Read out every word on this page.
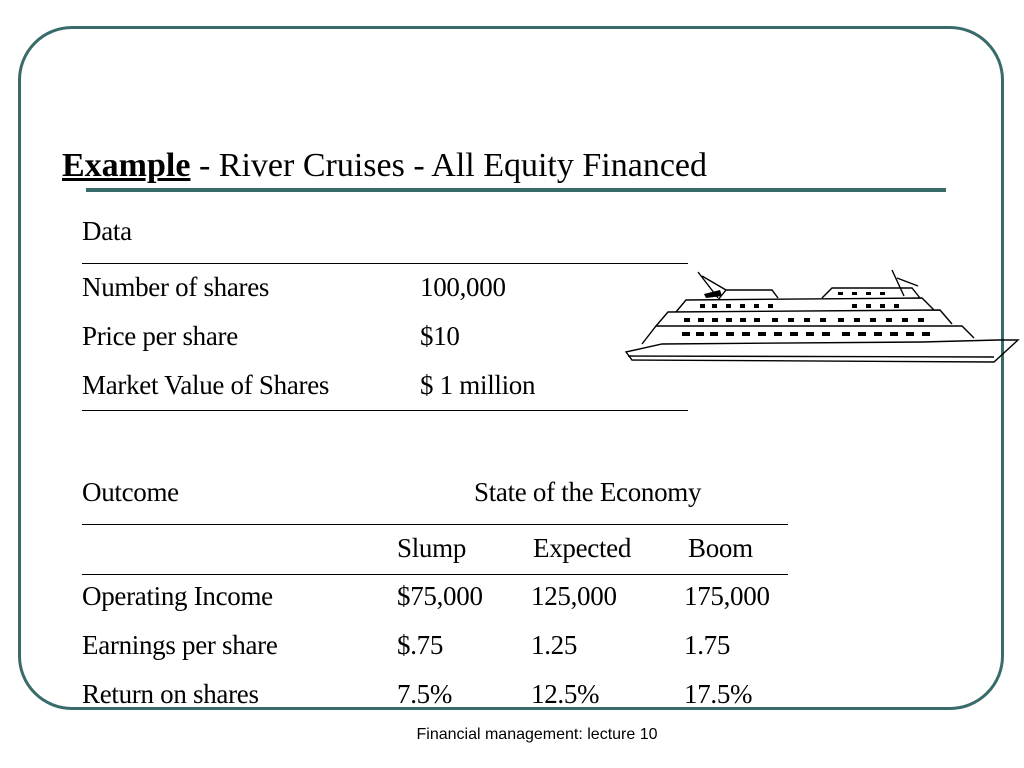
Example - River Cruises - All Equity Financed
Data
Number of shares	100,000
Price per share	$10
Market Value of Shares	$ 1 million
Outcome	State of the Economy
Slump Expected Boom
Operating Income	$75,000 125,000 175,000
Earnings per share	$.75	1.25	1.75
Return on shares	7.5%	12.5%	17.5%
Financial management: lecture 10
